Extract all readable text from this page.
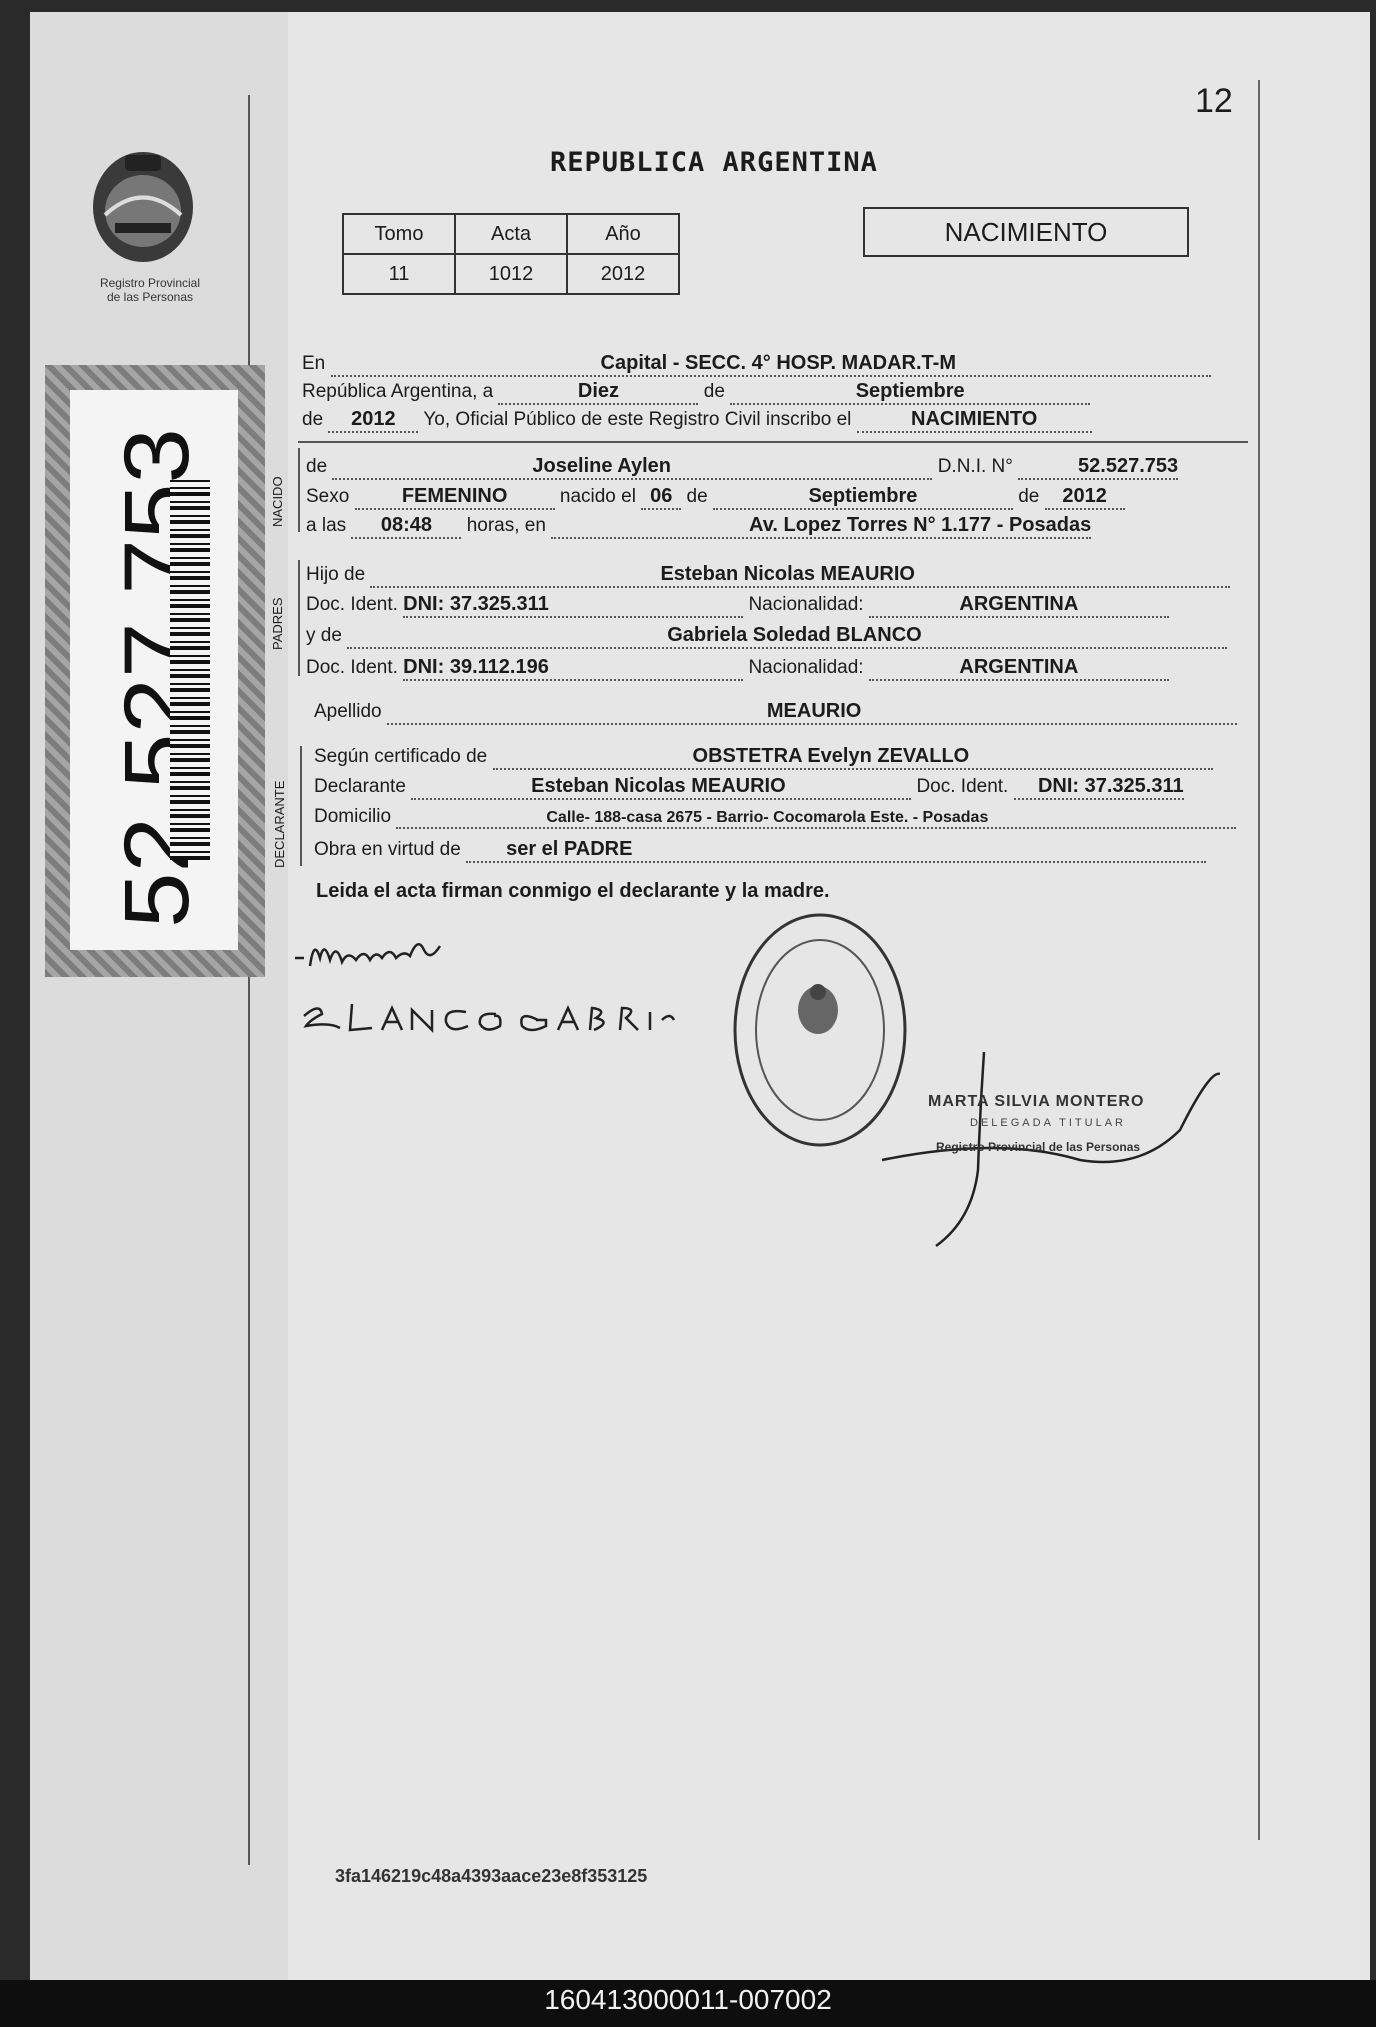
Registro Provincial
de las Personas
52.527.753
12
REPUBLICA ARGENTINA
Tomo	Acta	Año
11	1012	2012
NACIMIENTO
En	Capital - SECC. 4° HOSP. MADAR.T-M
República Argentina, a	Diez	de	Septiembre
de 2012 Yo, Oficial Público de este Registro Civil inscribo el	NACIMIENTO
NACIDO
de	Joseline Aylen	D.N.I. N°	52.527.753
Sexo	FEMENINO	nacido el 06 de	Septiembre	de 2012
a las 08:48 horas, en	Av. Lopez Torres N° 1.177 - Posadas
PADRES
Hijo de	Esteban Nicolas MEAURIO
Doc. Ident. DNI: 37.325.311	Nacionalidad:	ARGENTINA
y de	Gabriela Soledad BLANCO
Doc. Ident. DNI: 39.112.196	Nacionalidad:	ARGENTINA
Apellido	MEAURIO
DECLARANTE
Según certificado de	OBSTETRA Evelyn ZEVALLO
Declarante	Esteban Nicolas MEAURIO	Doc. Ident. DNI: 37.325.311
Domicilio	Calle- 188-casa 2675 - Barrio- Cocomarola Este. - Posadas
Obra en virtud de ser el PADRE
Leida el acta firman conmigo el declarante y la madre.
MARTA SILVIA MONTERO
DELEGADA TITULAR
Registro Provincial de las Personas
3fa146219c48a4393aace23e8f353125
160413000011-007002
